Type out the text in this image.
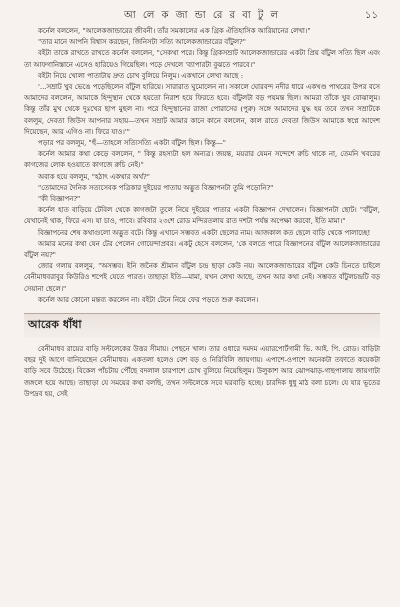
আ লে ক জা ন্ডা রে র বা টু ল	১১

কর্নেল বললেন, "আলেকজান্ডারের জীবনী। তাঁর সমকালের এক গ্রিক ঐতিহাসিক আরিয়ানের লেখা।"

"তার মানে আপনি বিশ্বাস করছেন, জিনিসটা সত্যি আলেকজান্ডারের বাঁটুল?"

বইটা তাকে রাখতে রাখতে কর্নেল বললেন, "সেকথা পরে। কিন্তু গ্রিকসম্রাট আলেকজান্ডারের একটা প্রিয় বাঁটুল সত্যি ছিল এবং তা আফগানিস্তানে এসেও হারিয়েও গিয়েছিল। পড়ে দেখলে 'ব্যাপারটা বুঝতে পারবে।"

বইটা নিয়ে খোলা পাতাটায় দ্রুত চোখ বুলিয়ে নিলুম। একখানে লেখা আছে :

'...সম্রাট খুব ভেঙে পড়েছিলেন বাঁটুল হারিয়ে। সারারাত ঘুমোলেন না। সকালে ঘোরবন্দ নদীর ধারে একখণ্ড পাথরের উপর বসে আমাদের বললেন, আমাকে হিন্দুস্থান থেকে হয়তো নিরাশ হয়ে ফিরতে হবে। বাঁটুলটা বড় পয়মন্ত ছিল। আমরা তাঁকে খুব বোঝালুম। কিন্তু তাঁর মুখ থেকে দুঃখের ছাপ মুছল না। পরে হিন্দুস্থানের রাজা পোরাসের (পুরু) সঙ্গে আমাদের যুদ্ধ হয় তবে তখন সম্রাটকে বললুম, দেবতা জিউস আপনার সহায়—তখন সম্রাট আমার কানে কানে বললেন, কাল রাতে দেবতা জিউস আমাকে স্বপ্নে আদেশ দিয়েছেন, আর এগিও না। ফিরে যাও।'"

পড়ার পর বললুম, "হুঁ—তাহলে সত্যিসত্যি একটা বাঁটুল ছিল। কিন্তু—"

কর্নেল আমার কথা কেড়ে বললেন, " কিন্তু রহস্যটা হল অন্যত্র। জয়ন্ত, ময়রার যেমন সন্দেশে রুচি থাকে না, তেমনি খবরের কাগজের লোক হওয়াতে কাগজে রুচি নেই।"

অবাক হয়ে বললুম, "হঠাৎ একথার অর্থ?"

"তোমাদের দৈনিক সত্যসেবক পত্রিকার দুইয়ের পাতায় অদ্ভুত বিজ্ঞাপনটা তুমি পড়োনি?"

"কী বিজ্ঞাপন?"

কর্নেল হাত বাড়িয়ে টেবিল থেকে কাগজটা তুলে নিয়ে দুইয়ের পাতার একটা বিজ্ঞাপন দেখালেন। বিজ্ঞাপনটা ছোট। "বাঁটুল, যেখানেই থাক, ফিরে এস। যা চাও, পাবে। রবিবার ২৩শে রোড মন্দিরতলায় রাত দশটা পর্যন্ত অপেক্ষা করবো, ইতি মামা।"

বিজ্ঞাপনের শেষ কথাগুলো অদ্ভুত বটে। কিন্তু এখানে সম্ভবত একটা ছেলের নাম। আজকাল কত ছেলে বাড়ি থেকে পালাচ্ছে!

আমার মনের কথা যেন টের পেলেন গোয়েন্দাপ্রবর। একটু হেসে বললেন, 'কে বলতে পারে বিজ্ঞাপনের বাঁটুল আলেকজান্ডারের বাঁটুল নয়?"

জোর গলায় বললুম, "অসম্ভব। ইনি জনৈক শ্রীমান বাঁটুল চন্দ্র ছাড়া কেউ নয়। আলেকজান্ডারের বাঁটুল কেউ চিনতে চাইলে বেনীমাধবরাবুর কিউরিও শপেই যেতে পারত। তাছাড়া ইতি—মামা, যখন লেখা আছে, তখন আর কথা নেই। সম্ভবত বাঁটুলচন্দ্রটি বড় সেয়ানা ছেলে।"

কর্নেল আর কোনো মন্তব্য করলেন না। বইটা টেনে নিয়ে ফের পড়তে শুরু করলেন।

আরেক ধাঁধা

বেনীমাধব রায়ের বাড়ি সল্টলেকের উত্তর সীমায়। পেছনে খাল। তার ওধারে দমদম এয়ারপোর্টগামী ভি. আই. পি. রোড। বাড়িটা বছর দুই আগে বানিয়েছেন বেনীমাধব। একতলা হলেও বেশ বড় ও নিরিবিলি জায়গায়। এপাশে-ওপাশে অনেকটা তফাতে কয়েকটা বাড়ি সবে উঠেছে। বিকেল পাঁচটায় পৌঁছে বদলাল চারপাশে চোখ বুলিয়ে নিয়েছিলুম। উলুকাশ আর ঝোপঝাড়-গাছপালায় জায়গাটা জঙ্গলে হয়ে আছে। তাছাড়া যে সময়ের কথা বলছি, তখন সল্টলেকে সবে ঘরবাড়ি হচ্ছে। চারদিক ধুধু মাঠ বলা চলে। যে যার ভূতের উপদ্রব হয়, সেই
